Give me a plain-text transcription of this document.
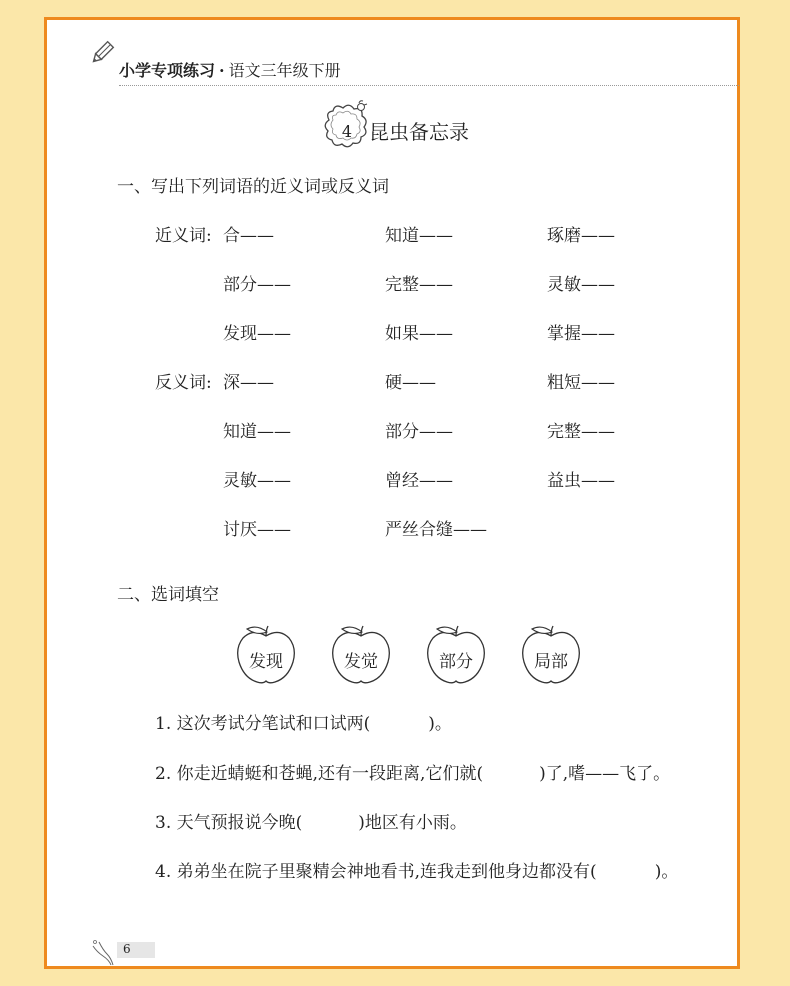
小学专项练习 · 语文三年级下册
4 昆虫备忘录
一、写出下列词语的近义词或反义词
近义词: 合——	知道——	琢磨——
部分——	完整——	灵敏——
发现——	如果——	掌握——
反义词: 深——	硬——	粗短——
知道——	部分——	完整——
灵敏——	曾经——	益虫——
讨厌——	严丝合缝——
二、选词填空
发现	发觉	部分	局部
1. 这次考试分笔试和口试两(	)。
2. 你走近蜻蜓和苍蝇,还有一段距离,它们就(	)了,嗜——飞了。
3. 天气预报说今晚(	)地区有小雨。
4. 弟弟坐在院子里聚精会神地看书,连我走到他身边都没有(	)。
6
